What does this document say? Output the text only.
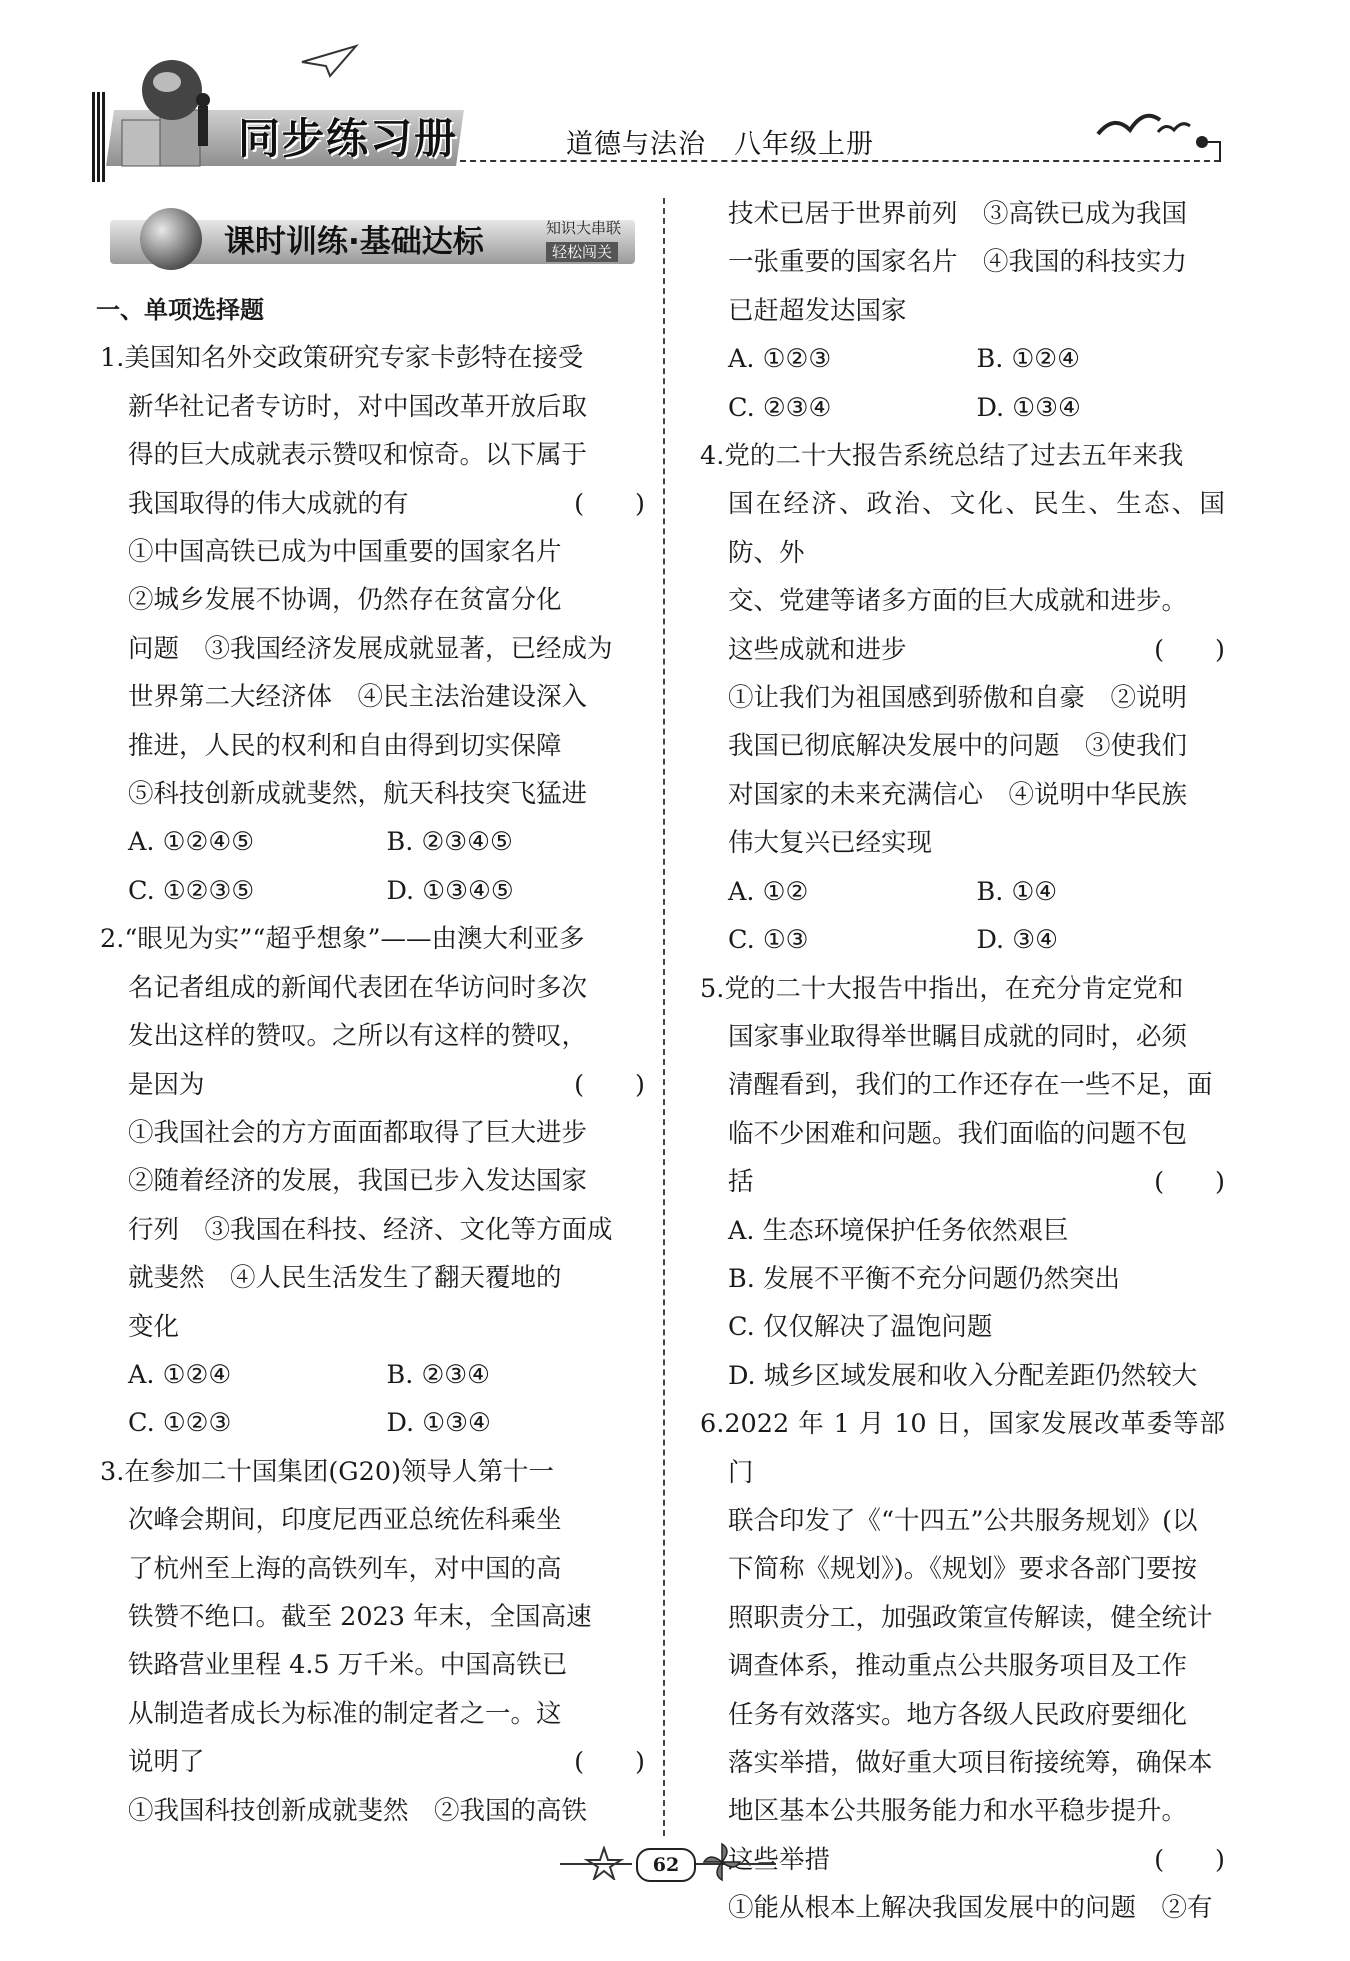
同步练习册	道德与法治　八年级上册
课时训练·基础达标	知识大串联
轻松闯关
一、单项选择题
1.美国知名外交政策研究专家卡彭特在接受
新华社记者专访时，对中国改革开放后取
得的巨大成就表示赞叹和惊奇。以下属于
(　　)
我国取得的伟大成就的有
①中国高铁已成为中国重要的国家名片
②城乡发展不协调，仍然存在贫富分化
问题　③我国经济发展成就显著，已经成为
世界第二大经济体　④民主法治建设深入
推进，人民的权利和自由得到切实保障
⑤科技创新成就斐然，航天科技突飞猛进
A. ①②④⑤	B. ②③④⑤
C. ①②③⑤	D. ①③④⑤
2.“眼见为实”“超乎想象”——由澳大利亚多
名记者组成的新闻代表团在华访问时多次
发出这样的赞叹。之所以有这样的赞叹，
(　　)
是因为
①我国社会的方方面面都取得了巨大进步
②随着经济的发展，我国已步入发达国家
行列　③我国在科技、经济、文化等方面成
就斐然　④人民生活发生了翻天覆地的
变化
A. ①②④	B. ②③④
C. ①②③	D. ①③④
3.在参加二十国集团(G20)领导人第十一
次峰会期间，印度尼西亚总统佐科乘坐
了杭州至上海的高铁列车，对中国的高
铁赞不绝口。截至 2023 年末，全国高速
铁路营业里程 4.5 万千米。中国高铁已
从制造者成长为标准的制定者之一。这
(　　)
说明了
①我国科技创新成就斐然　②我国的高铁
技术已居于世界前列　③高铁已成为我国
一张重要的国家名片　④我国的科技实力
已赶超发达国家
A. ①②③	B. ①②④
C. ②③④	D. ①③④
4.党的二十大报告系统总结了过去五年来我
国在经济、政治、文化、民生、生态、国防、外
交、党建等诸多方面的巨大成就和进步。
(　　)
这些成就和进步
①让我们为祖国感到骄傲和自豪　②说明
我国已彻底解决发展中的问题　③使我们
对国家的未来充满信心　④说明中华民族
伟大复兴已经实现
A. ①②	B. ①④
C. ①③	D. ③④
5.党的二十大报告中指出，在充分肯定党和
国家事业取得举世瞩目成就的同时，必须
清醒看到，我们的工作还存在一些不足，面
临不少困难和问题。我们面临的问题不包
(　　)
括
A. 生态环境保护任务依然艰巨
B. 发展不平衡不充分问题仍然突出
C. 仅仅解决了温饱问题
D. 城乡区域发展和收入分配差距仍然较大
6.2022 年 1 月 10 日，国家发展改革委等部门
联合印发了《“十四五”公共服务规划》(以
下简称《规划》)。《规划》要求各部门要按
照职责分工，加强政策宣传解读，健全统计
调查体系，推动重点公共服务项目及工作
任务有效落实。地方各级人民政府要细化
落实举措，做好重大项目衔接统筹，确保本
地区基本公共服务能力和水平稳步提升。
(　　)
这些举措
①能从根本上解决我国发展中的问题　②有
62
